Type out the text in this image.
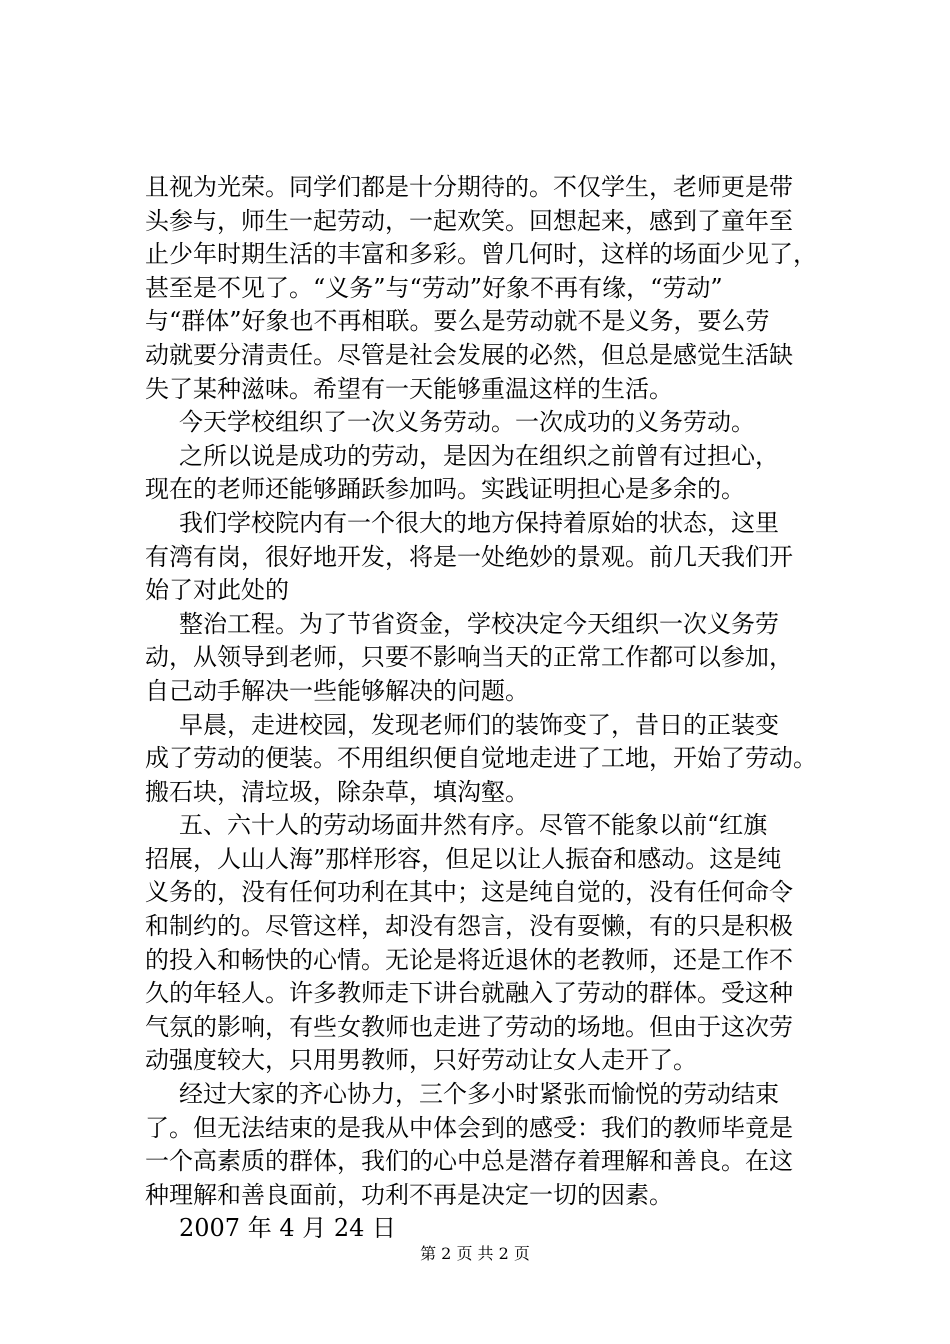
且视为光荣。同学们都是十分期待的。不仅学生，老师更是带
头参与，师生一起劳动，一起欢笑。回想起来，感到了童年至
止少年时期生活的丰富和多彩。曾几何时，这样的场面少见了，
甚至是不见了。“义务”与“劳动”好象不再有缘，“劳动”
与“群体”好象也不再相联。要么是劳动就不是义务，要么劳
动就要分清责任。尽管是社会发展的必然，但总是感觉生活缺
失了某种滋味。希望有一天能够重温这样的生活。
今天学校组织了一次义务劳动。一次成功的义务劳动。
之所以说是成功的劳动，是因为在组织之前曾有过担心，
现在的老师还能够踊跃参加吗。实践证明担心是多余的。
我们学校院内有一个很大的地方保持着原始的状态，这里
有湾有岗，很好地开发，将是一处绝妙的景观。前几天我们开
始了对此处的
整治工程。为了节省资金，学校决定今天组织一次义务劳
动，从领导到老师，只要不影响当天的正常工作都可以参加，
自己动手解决一些能够解决的问题。
早晨，走进校园，发现老师们的装饰变了，昔日的正装变
成了劳动的便装。不用组织便自觉地走进了工地，开始了劳动。
搬石块，清垃圾，除杂草，填沟壑。
五、六十人的劳动场面井然有序。尽管不能象以前“红旗
招展，人山人海”那样形容，但足以让人振奋和感动。这是纯
义务的，没有任何功利在其中；这是纯自觉的，没有任何命令
和制约的。尽管这样，却没有怨言，没有耍懒，有的只是积极
的投入和畅快的心情。无论是将近退休的老教师，还是工作不
久的年轻人。许多教师走下讲台就融入了劳动的群体。受这种
气氛的影响，有些女教师也走进了劳动的场地。但由于这次劳
动强度较大，只用男教师，只好劳动让女人走开了。
经过大家的齐心协力，三个多小时紧张而愉悦的劳动结束
了。但无法结束的是我从中体会到的感受：我们的教师毕竟是
一个高素质的群体，我们的心中总是潜存着理解和善良。在这
种理解和善良面前，功利不再是决定一切的因素。
2007 年 4 月 24 日
第 2 页 共 2 页
